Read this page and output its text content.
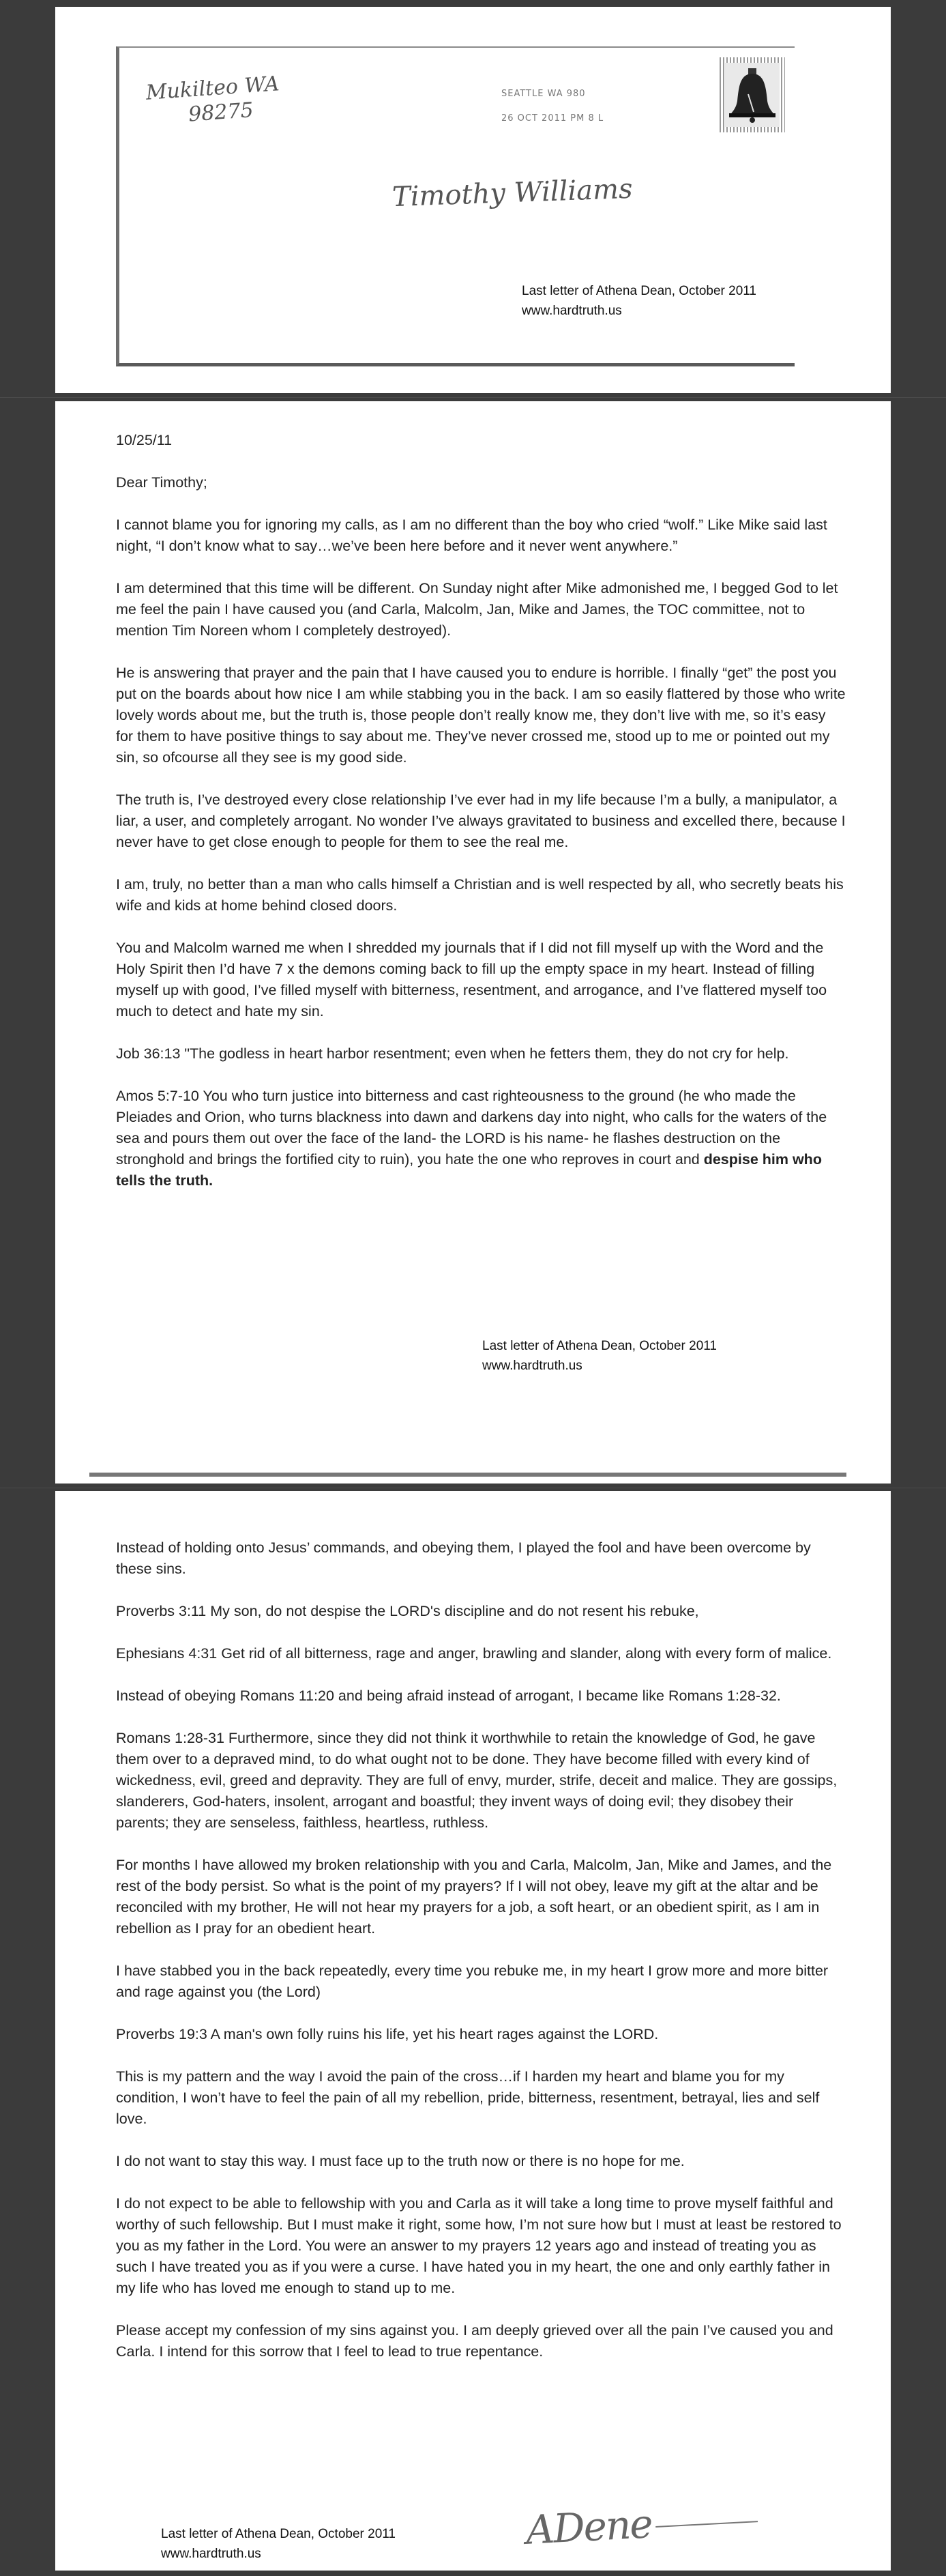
Mukilteo WA
98275
SEATTLE WA 980
26 OCT 2011 PM 8 L
Timothy Williams
Last letter of Athena Dean, October 2011
www.hardtruth.us

10/25/11

Dear Timothy;

I cannot blame you for ignoring my calls, as I am no different than the boy who cried “wolf.” Like Mike said last night, “I don’t know what to say…we’ve been here before and it never went anywhere.”

I am determined that this time will be different. On Sunday night after Mike admonished me, I begged God to let me feel the pain I have caused you (and Carla, Malcolm, Jan, Mike and James, the TOC committee, not to mention Tim Noreen whom I completely destroyed).

He is answering that prayer and the pain that I have caused you to endure is horrible. I finally “get” the post you put on the boards about how nice I am while stabbing you in the back. I am so easily flattered by those who write lovely words about me, but the truth is, those people don’t really know me, they don’t live with me, so it’s easy for them to have positive things to say about me. They’ve never crossed me, stood up to me or pointed out my sin, so ofcourse all they see is my good side.

The truth is, I’ve destroyed every close relationship I’ve ever had in my life because I’m a bully, a manipulator, a liar, a user, and completely arrogant. No wonder I’ve always gravitated to business and excelled there, because I never have to get close enough to people for them to see the real me.

I am, truly, no better than a man who calls himself a Christian and is well respected by all, who secretly beats his wife and kids at home behind closed doors.

You and Malcolm warned me when I shredded my journals that if I did not fill myself up with the Word and the Holy Spirit then I’d have 7 x the demons coming back to fill up the empty space in my heart. Instead of filling myself up with good, I’ve filled myself with bitterness, resentment, and arrogance, and I’ve flattered myself too much to detect and hate my sin.

Job 36:13 "The godless in heart harbor resentment; even when he fetters them, they do not cry for help.

Amos 5:7-10 You who turn justice into bitterness and cast righteousness to the ground (he who made the Pleiades and Orion, who turns blackness into dawn and darkens day into night, who calls for the waters of the sea and pours them out over the face of the land- the LORD is his name- he flashes destruction on the stronghold and brings the fortified city to ruin), you hate the one who reproves in court and despise him who tells the truth.

Last letter of Athena Dean, October 2011
www.hardtruth.us

Instead of holding onto Jesus’ commands, and obeying them, I played the fool and have been overcome by these sins.

Proverbs 3:11 My son, do not despise the LORD's discipline and do not resent his rebuke,

Ephesians 4:31 Get rid of all bitterness, rage and anger, brawling and slander, along with every form of malice.

Instead of obeying Romans 11:20 and being afraid instead of arrogant, I became like Romans 1:28-32.

Romans 1:28-31 Furthermore, since they did not think it worthwhile to retain the knowledge of God, he gave them over to a depraved mind, to do what ought not to be done. They have become filled with every kind of wickedness, evil, greed and depravity. They are full of envy, murder, strife, deceit and malice. They are gossips, slanderers, God-haters, insolent, arrogant and boastful; they invent ways of doing evil; they disobey their parents; they are senseless, faithless, heartless, ruthless.

For months I have allowed my broken relationship with you and Carla, Malcolm, Jan, Mike and James, and the rest of the body persist. So what is the point of my prayers? If I will not obey, leave my gift at the altar and be reconciled with my brother, He will not hear my prayers for a job, a soft heart, or an obedient spirit, as I am in rebellion as I pray for an obedient heart.

I have stabbed you in the back repeatedly, every time you rebuke me, in my heart I grow more and more bitter and rage against you (the Lord)

Proverbs 19:3 A man's own folly ruins his life, yet his heart rages against the LORD.

This is my pattern and the way I avoid the pain of the cross…if I harden my heart and blame you for my condition, I won’t have to feel the pain of all my rebellion, pride, bitterness, resentment, betrayal, lies and self love.

I do not want to stay this way. I must face up to the truth now or there is no hope for me.

I do not expect to be able to fellowship with you and Carla as it will take a long time to prove myself faithful and worthy of such fellowship. But I must make it right, some how, I’m not sure how but I must at least be restored to you as my father in the Lord. You were an answer to my prayers 12 years ago and instead of treating you as such I have treated you as if you were a curse. I have hated you in my heart, the one and only earthly father in my life who has loved me enough to stand up to me.

Please accept my confession of my sins against you. I am deeply grieved over all the pain I’ve caused you and Carla. I intend for this sorrow that I feel to lead to true repentance.

Last letter of Athena Dean, October 2011
www.hardtruth.us
ADene
